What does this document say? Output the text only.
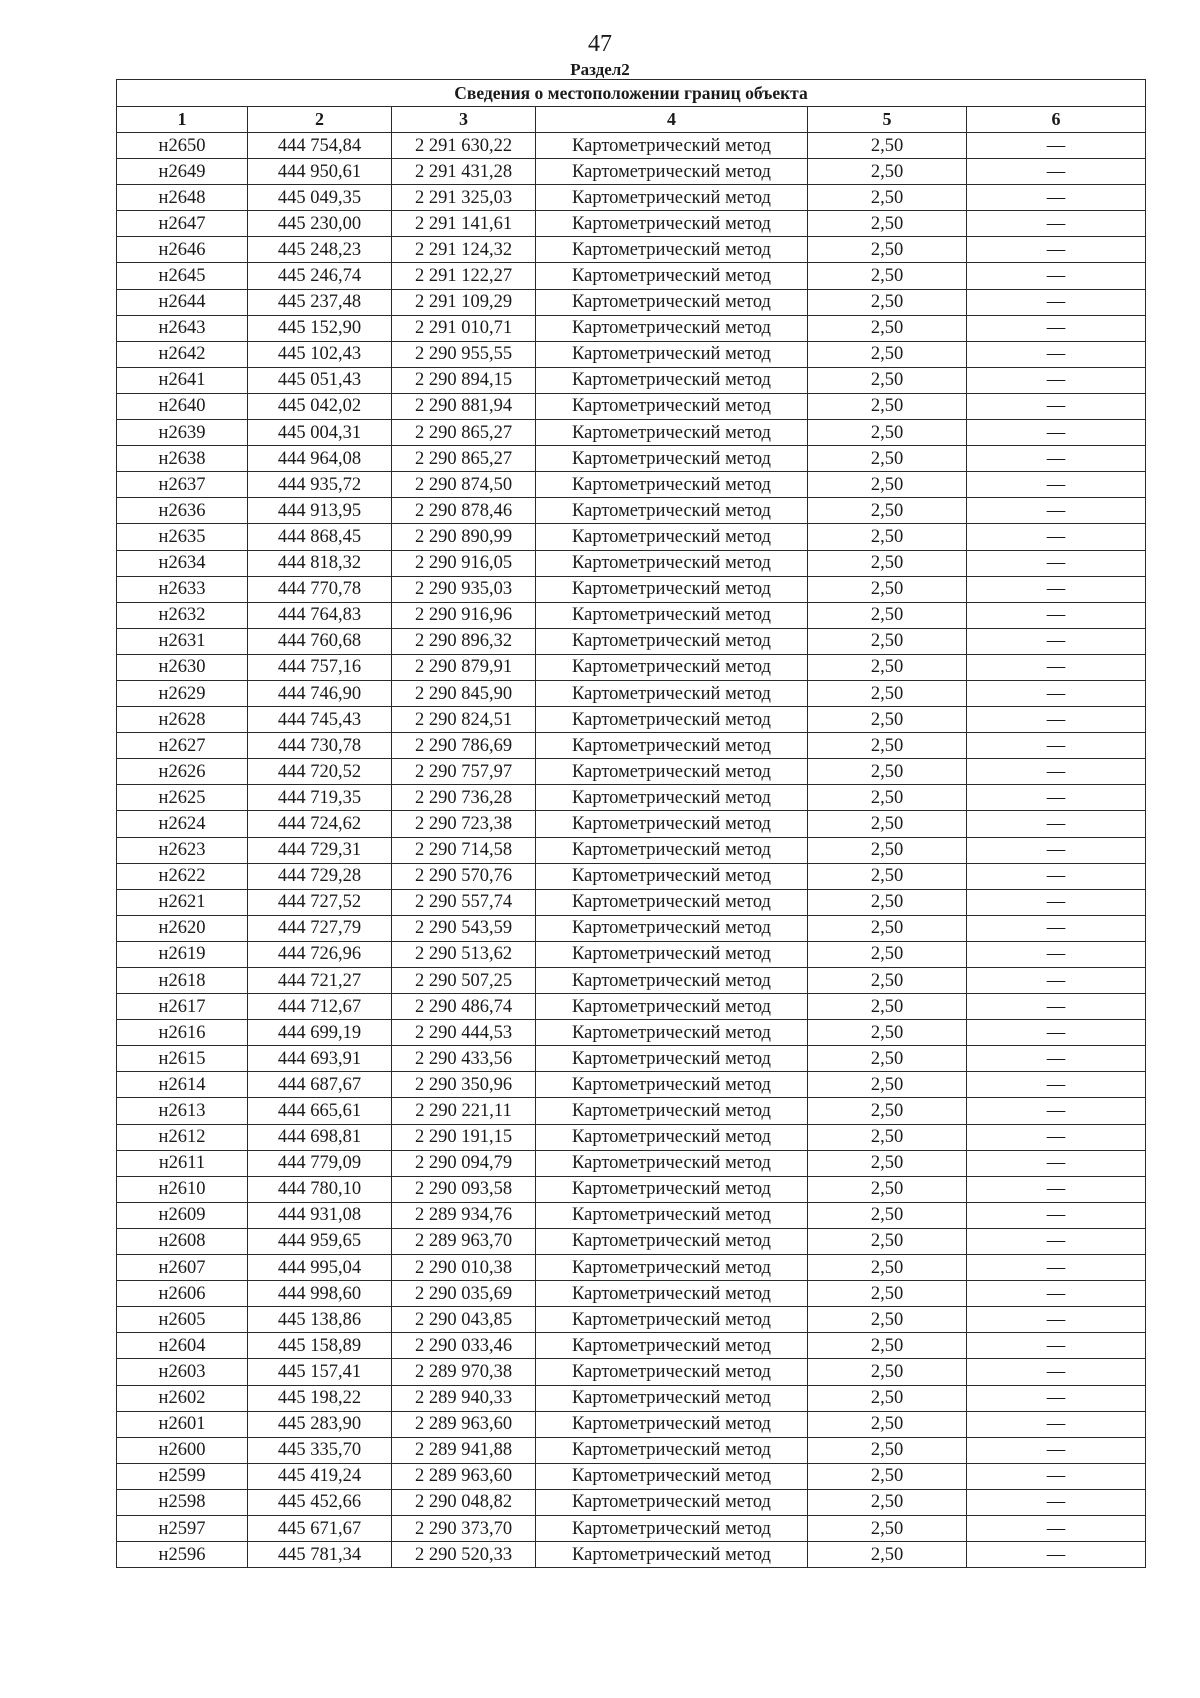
47
Раздел2
Сведения о местоположении границ объекта					
1	2	3	4	5	6
н2650	444 754,84	2 291 630,22	Картометрический метод	2,50	—
н2649	444 950,61	2 291 431,28	Картометрический метод	2,50	—
н2648	445 049,35	2 291 325,03	Картометрический метод	2,50	—
н2647	445 230,00	2 291 141,61	Картометрический метод	2,50	—
н2646	445 248,23	2 291 124,32	Картометрический метод	2,50	—
н2645	445 246,74	2 291 122,27	Картометрический метод	2,50	—
н2644	445 237,48	2 291 109,29	Картометрический метод	2,50	—
н2643	445 152,90	2 291 010,71	Картометрический метод	2,50	—
н2642	445 102,43	2 290 955,55	Картометрический метод	2,50	—
н2641	445 051,43	2 290 894,15	Картометрический метод	2,50	—
н2640	445 042,02	2 290 881,94	Картометрический метод	2,50	—
н2639	445 004,31	2 290 865,27	Картометрический метод	2,50	—
н2638	444 964,08	2 290 865,27	Картометрический метод	2,50	—
н2637	444 935,72	2 290 874,50	Картометрический метод	2,50	—
н2636	444 913,95	2 290 878,46	Картометрический метод	2,50	—
н2635	444 868,45	2 290 890,99	Картометрический метод	2,50	—
н2634	444 818,32	2 290 916,05	Картометрический метод	2,50	—
н2633	444 770,78	2 290 935,03	Картометрический метод	2,50	—
н2632	444 764,83	2 290 916,96	Картометрический метод	2,50	—
н2631	444 760,68	2 290 896,32	Картометрический метод	2,50	—
н2630	444 757,16	2 290 879,91	Картометрический метод	2,50	—
н2629	444 746,90	2 290 845,90	Картометрический метод	2,50	—
н2628	444 745,43	2 290 824,51	Картометрический метод	2,50	—
н2627	444 730,78	2 290 786,69	Картометрический метод	2,50	—
н2626	444 720,52	2 290 757,97	Картометрический метод	2,50	—
н2625	444 719,35	2 290 736,28	Картометрический метод	2,50	—
н2624	444 724,62	2 290 723,38	Картометрический метод	2,50	—
н2623	444 729,31	2 290 714,58	Картометрический метод	2,50	—
н2622	444 729,28	2 290 570,76	Картометрический метод	2,50	—
н2621	444 727,52	2 290 557,74	Картометрический метод	2,50	—
н2620	444 727,79	2 290 543,59	Картометрический метод	2,50	—
н2619	444 726,96	2 290 513,62	Картометрический метод	2,50	—
н2618	444 721,27	2 290 507,25	Картометрический метод	2,50	—
н2617	444 712,67	2 290 486,74	Картометрический метод	2,50	—
н2616	444 699,19	2 290 444,53	Картометрический метод	2,50	—
н2615	444 693,91	2 290 433,56	Картометрический метод	2,50	—
н2614	444 687,67	2 290 350,96	Картометрический метод	2,50	—
н2613	444 665,61	2 290 221,11	Картометрический метод	2,50	—
н2612	444 698,81	2 290 191,15	Картометрический метод	2,50	—
н2611	444 779,09	2 290 094,79	Картометрический метод	2,50	—
н2610	444 780,10	2 290 093,58	Картометрический метод	2,50	—
н2609	444 931,08	2 289 934,76	Картометрический метод	2,50	—
н2608	444 959,65	2 289 963,70	Картометрический метод	2,50	—
н2607	444 995,04	2 290 010,38	Картометрический метод	2,50	—
н2606	444 998,60	2 290 035,69	Картометрический метод	2,50	—
н2605	445 138,86	2 290 043,85	Картометрический метод	2,50	—
н2604	445 158,89	2 290 033,46	Картометрический метод	2,50	—
н2603	445 157,41	2 289 970,38	Картометрический метод	2,50	—
н2602	445 198,22	2 289 940,33	Картометрический метод	2,50	—
н2601	445 283,90	2 289 963,60	Картометрический метод	2,50	—
н2600	445 335,70	2 289 941,88	Картометрический метод	2,50	—
н2599	445 419,24	2 289 963,60	Картометрический метод	2,50	—
н2598	445 452,66	2 290 048,82	Картометрический метод	2,50	—
н2597	445 671,67	2 290 373,70	Картометрический метод	2,50	—
н2596	445 781,34	2 290 520,33	Картометрический метод	2,50	—
